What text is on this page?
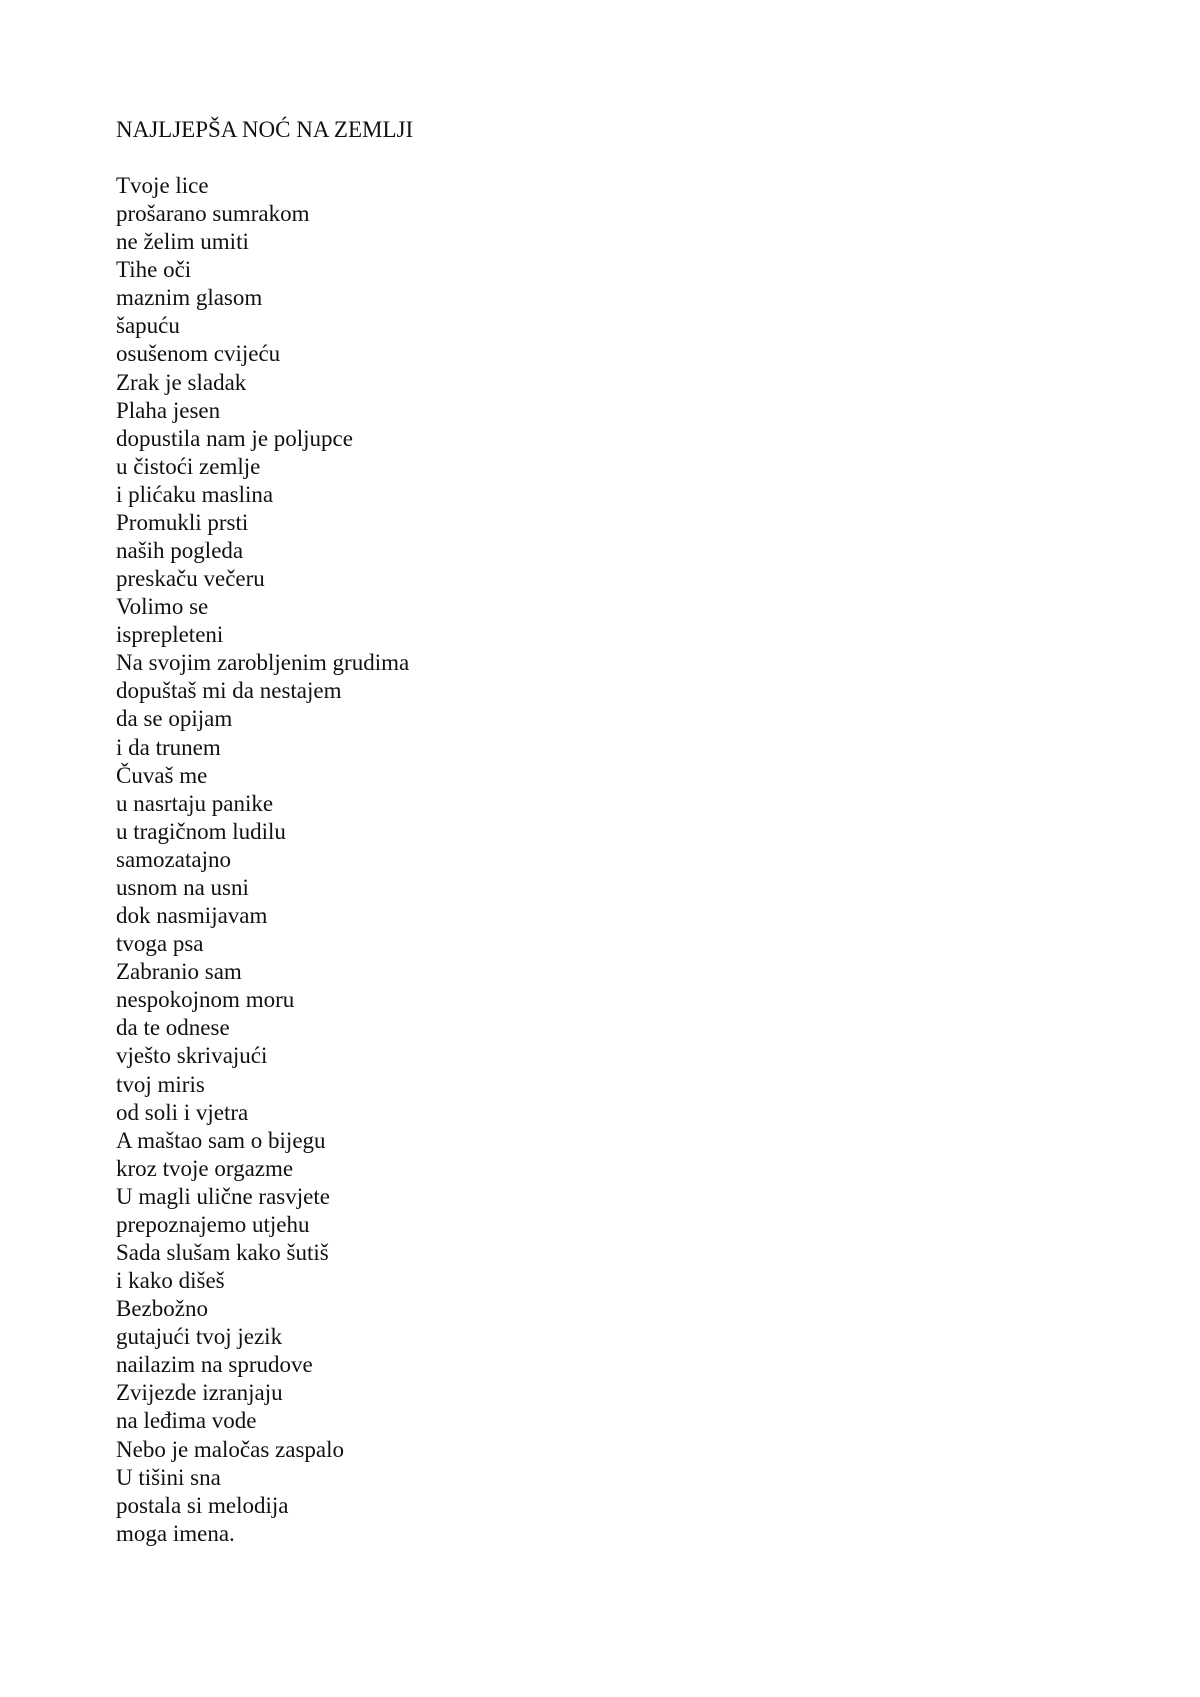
NAJLJEPŠA NOĆ NA ZEMLJI
Tvoje lice
prošarano sumrakom
ne želim umiti
Tihe oči
maznim glasom
šapuću
osušenom cvijeću
Zrak je sladak
Plaha jesen
dopustila nam je poljupce
u čistoći zemlje
i plićaku maslina
Promukli prsti
naših pogleda
preskaču večeru
Volimo se
isprepleteni
Na svojim zarobljenim grudima
dopuštaš mi da nestajem
da se opijam
i da trunem
Čuvaš me
u nasrtaju panike
u tragičnom ludilu
samozatajno
usnom na usni
dok nasmijavam
tvoga psa
Zabranio sam
nespokojnom moru
da te odnese
vješto skrivajući
tvoj miris
od soli i vjetra
A maštao sam o bijegu
kroz tvoje orgazme
U magli ulične rasvjete
prepoznajemo utjehu
Sada slušam kako šutiš
i kako dišeš
Bezbožno
gutajući tvoj jezik
nailazim na sprudove
Zvijezde izranjaju
na leđima vode
Nebo je maločas zaspalo
U tišini sna
postala si melodija
moga imena.
